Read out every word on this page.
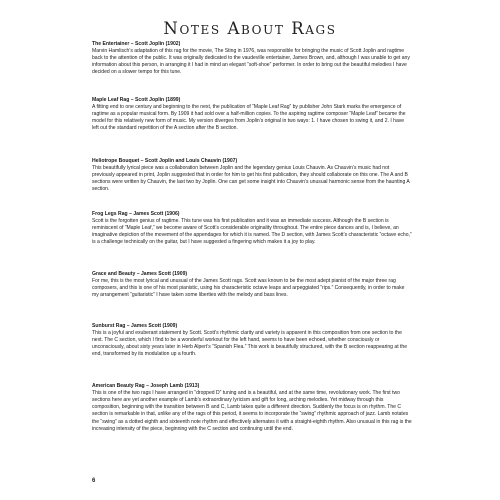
Notes About Rags

The Entertainer – Scott Joplin (1902)

Marvin Hamlisch’s adaptation of this rag for the movie, The Sting in 1976, was responsible for bringing the music of Scott Joplin and ragtime back to the attention of the public. It was originally dedicated to the vaudeville entertainer, James Brown, and, although I was unable to get any information about this person, in arranging it I had in mind an elegant “soft-shoe” performer. In order to bring out the beautiful melodies I have decided on a slower tempo for this tune.

Maple Leaf Rag – Scott Joplin (1899)

A fitting end to one century and beginning to the next, the publication of “Maple Leaf Rag” by publisher John Stark marks the emergence of ragtime as a popular musical form. By 1909 it had sold over a half-million copies. To the aspiring ragtime composer “Maple Leaf” became the model for this relatively new form of music. My version diverges from Joplin’s original in two ways: 1. I have chosen to swing it, and 2. I have left out the standard repetition of the A section after the B section.

Heliotrope Bouquet – Scott Joplin and Louis Chauvin (1907)

This beautifully lyrical piece was a collaboration between Joplin and the legendary genius Louis Chauvin. As Chauvin’s music had not previously appeared in print, Joplin suggested that in order for him to get his first publication, they should collaborate on this one. The A and B sections were written by Chauvin, the last two by Joplin. One can get some insight into Chauvin’s unusual harmonic sense from the haunting A section.

Frog Legs Rag – James Scott (1906)

Scott is the forgotten genius of ragtime. This tune was his first publication and it was an immediate success. Although the B section is reminiscent of “Maple Leaf,” we become aware of Scott’s considerable originality throughout. The entire piece dances and is, I believe, an imaginative depiction of the movement of the appendages for which it is named. The D section, with James Scott’s characteristic “octave echo,” is a challenge technically on the guitar, but I have suggested a fingering which makes it a joy to play.

Grace and Beauty – James Scott (1909)

For me, this is the most lyrical and unusual of the James Scott rags. Scott was known to be the most adept pianist of the major three rag composers, and this is one of his most pianistic, using his characteristic octave leaps and arpeggiated “rips.” Consequently, in order to make my arrangement “guitaristic” I have taken some liberties with the melody and bass lines.

Sunburst Rag – James Scott (1909)

This is a joyful and exuberant statement by Scott. Scott’s rhythmic clarity and variety is apparent in this composition from one section to the next. The C section, which I find to be a wonderful workout for the left hand, seems to have been echoed, whether consciously or unconsciously, about sixty years later in Herb Alpert’s “Spanish Flea.” This work is beautifully structured, with the B section reappearing at the end, transformed by its modulation up a fourth.

American Beauty Rag – Joseph Lamb (1913)

This is one of the two rags I have arranged in “dropped D” tuning and is a beautiful, and at the same time, revolutionary work. The first two sections here are yet another example of Lamb’s extraordinary lyricism and gift for long, arching melodies. Yet midway through this composition, beginning with the transition between B and C, Lamb takes quite a different direction. Suddenly the focus is on rhythm. The C section is remarkable in that, unlike any of the rags of this period, it seems to incorporate the “swing” rhythmic approach of jazz. Lamb notates the “swing” as a dotted eighth and sixteenth note rhythm and effectively alternates it with a straight-eighth rhythm. Also unusual in this rag is the increasing intensity of the piece, beginning with the C section and continuing until the end.

6
